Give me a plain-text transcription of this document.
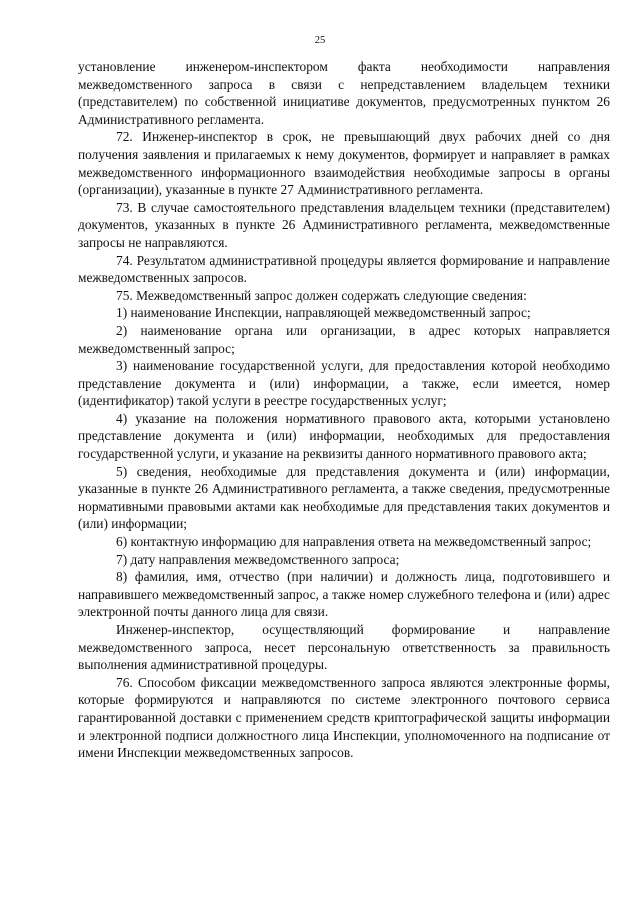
25

установление инженером-инспектором факта необходимости направления межведомственного запроса в связи с непредставлением владельцем техники (представителем) по собственной инициативе документов, предусмотренных пунктом 26 Административного регламента.

72. Инженер-инспектор в срок, не превышающий двух рабочих дней со дня получения заявления и прилагаемых к нему документов, формирует и направляет в рамках межведомственного информационного взаимодействия необходимые запросы в органы (организации), указанные в пункте 27 Административного регламента.

73. В случае самостоятельного представления владельцем техники (представителем) документов, указанных в пункте 26 Административного регламента, межведомственные запросы не направляются.

74. Результатом административной процедуры является формирование и направление межведомственных запросов.

75. Межведомственный запрос должен содержать следующие сведения:

1) наименование Инспекции, направляющей межведомственный запрос;

2) наименование органа или организации, в адрес которых направляется межведомственный запрос;

3) наименование государственной услуги, для предоставления которой необходимо представление документа и (или) информации, а также, если имеется, номер (идентификатор) такой услуги в реестре государственных услуг;

4) указание на положения нормативного правового акта, которыми установлено представление документа и (или) информации, необходимых для предоставления государственной услуги, и указание на реквизиты данного нормативного правового акта;

5) сведения, необходимые для представления документа и (или) информации, указанные в пункте 26 Административного регламента, а также сведения, предусмотренные нормативными правовыми актами как необходимые для представления таких документов и (или) информации;

6) контактную информацию для направления ответа на межведомственный запрос;

7) дату направления межведомственного запроса;

8) фамилия, имя, отчество (при наличии) и должность лица, подготовившего и направившего межведомственный запрос, а также номер служебного телефона и (или) адрес электронной почты данного лица для связи.

Инженер-инспектор, осуществляющий формирование и направление межведомственного запроса, несет персональную ответственность за правильность выполнения административной процедуры.

76. Способом фиксации межведомственного запроса являются электронные формы, которые формируются и направляются по системе электронного почтового сервиса гарантированной доставки с применением средств криптографической защиты информации и электронной подписи должностного лица Инспекции, уполномоченного на подписание от имени Инспекции межведомственных запросов.
